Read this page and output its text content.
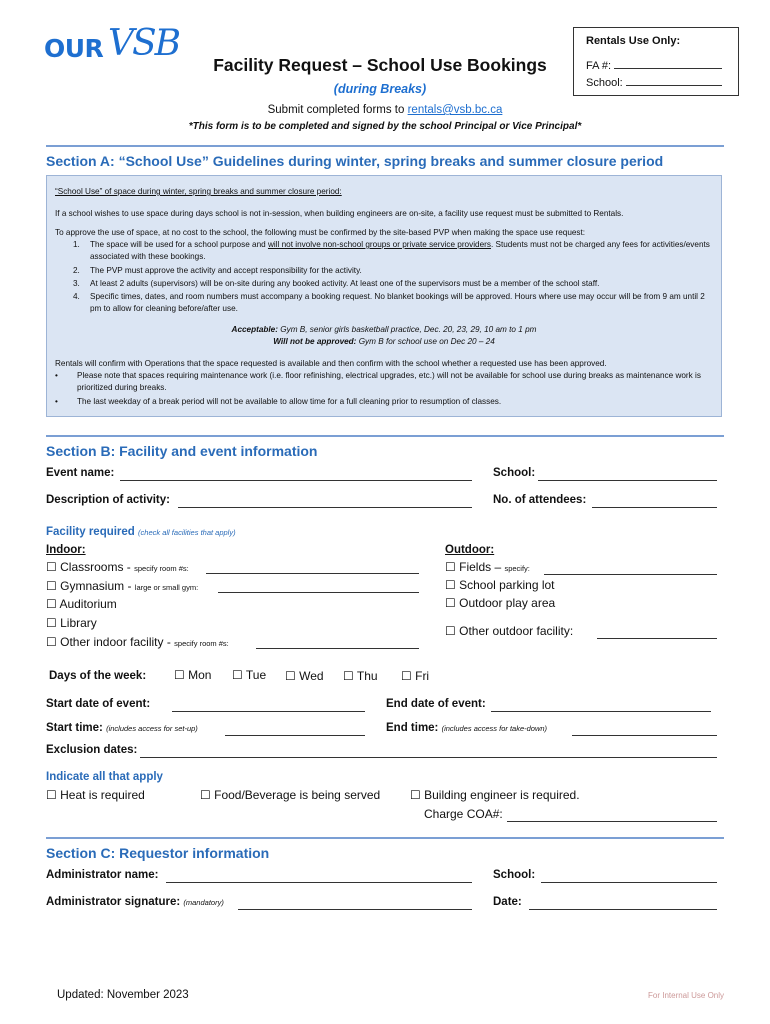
OUR VSB
Facility Request – School Use Bookings
(during Breaks)
Submit completed forms to rentals@vsb.bc.ca
*This form is to be completed and signed by the school Principal or Vice Principal*
Rentals Use Only:
FA #:
School:
Section A: “School Use” Guidelines during winter, spring breaks and summer closure period
“School Use” of space during winter, spring breaks and summer closure period:
If a school wishes to use space during days school is not in-session, when building engineers are on-site, a facility use request must be submitted to Rentals.
To approve the use of space, at no cost to the school, the following must be confirmed by the site-based PVP when making the space use request:
1. The space will be used for a school purpose and will not involve non-school groups or private service providers. Students must not be charged any fees for activities/events associated with these bookings.
2. The PVP must approve the activity and accept responsibility for the activity.
3. At least 2 adults (supervisors) will be on-site during any booked activity. At least one of the supervisors must be a member of the school staff.
4. Specific times, dates, and room numbers must accompany a booking request. No blanket bookings will be approved. Hours where use may occur will be from 9 am until 2 pm to allow for cleaning before/after use.
Acceptable: Gym B, senior girls basketball practice, Dec. 20, 23, 29, 10 am to 1 pm
Will not be approved: Gym B for school use on Dec 20 – 24
Rentals will confirm with Operations that the space requested is available and then confirm with the school whether a requested use has been approved.
• Please note that spaces requiring maintenance work (i.e. floor refinishing, electrical upgrades, etc.) will not be available for school use during breaks as maintenance work is prioritized during breaks.
• The last weekday of a break period will not be available to allow time for a full cleaning prior to resumption of classes.
Section B: Facility and event information
Event name:	School:
Description of activity:	No. of attendees:
Facility required (check all facilities that apply)
Indoor:	Outdoor:
☐ Classrooms - specify room #s:
☐ Gymnasium - large or small gym:
☐ Auditorium
☐ Library
☐ Other indoor facility - specify room #s:
☐ Fields – specify:
☐ School parking lot
☐ Outdoor play area
☐ Other outdoor facility:
Days of the week: ☐ Mon ☐ Tue ☐ Wed ☐ Thu ☐ Fri
Start date of event:	End date of event:
Start time: (includes access for set-up)	End time: (includes access for take-down)
Exclusion dates:
Indicate all that apply
☐ Heat is required	☐ Food/Beverage is being served ☐ Building engineer is required.
Charge COA#:
Section C: Requestor information
Administrator name:	School:
Administrator signature: (mandatory)	Date:
Updated: November 2023	For Internal Use Only
